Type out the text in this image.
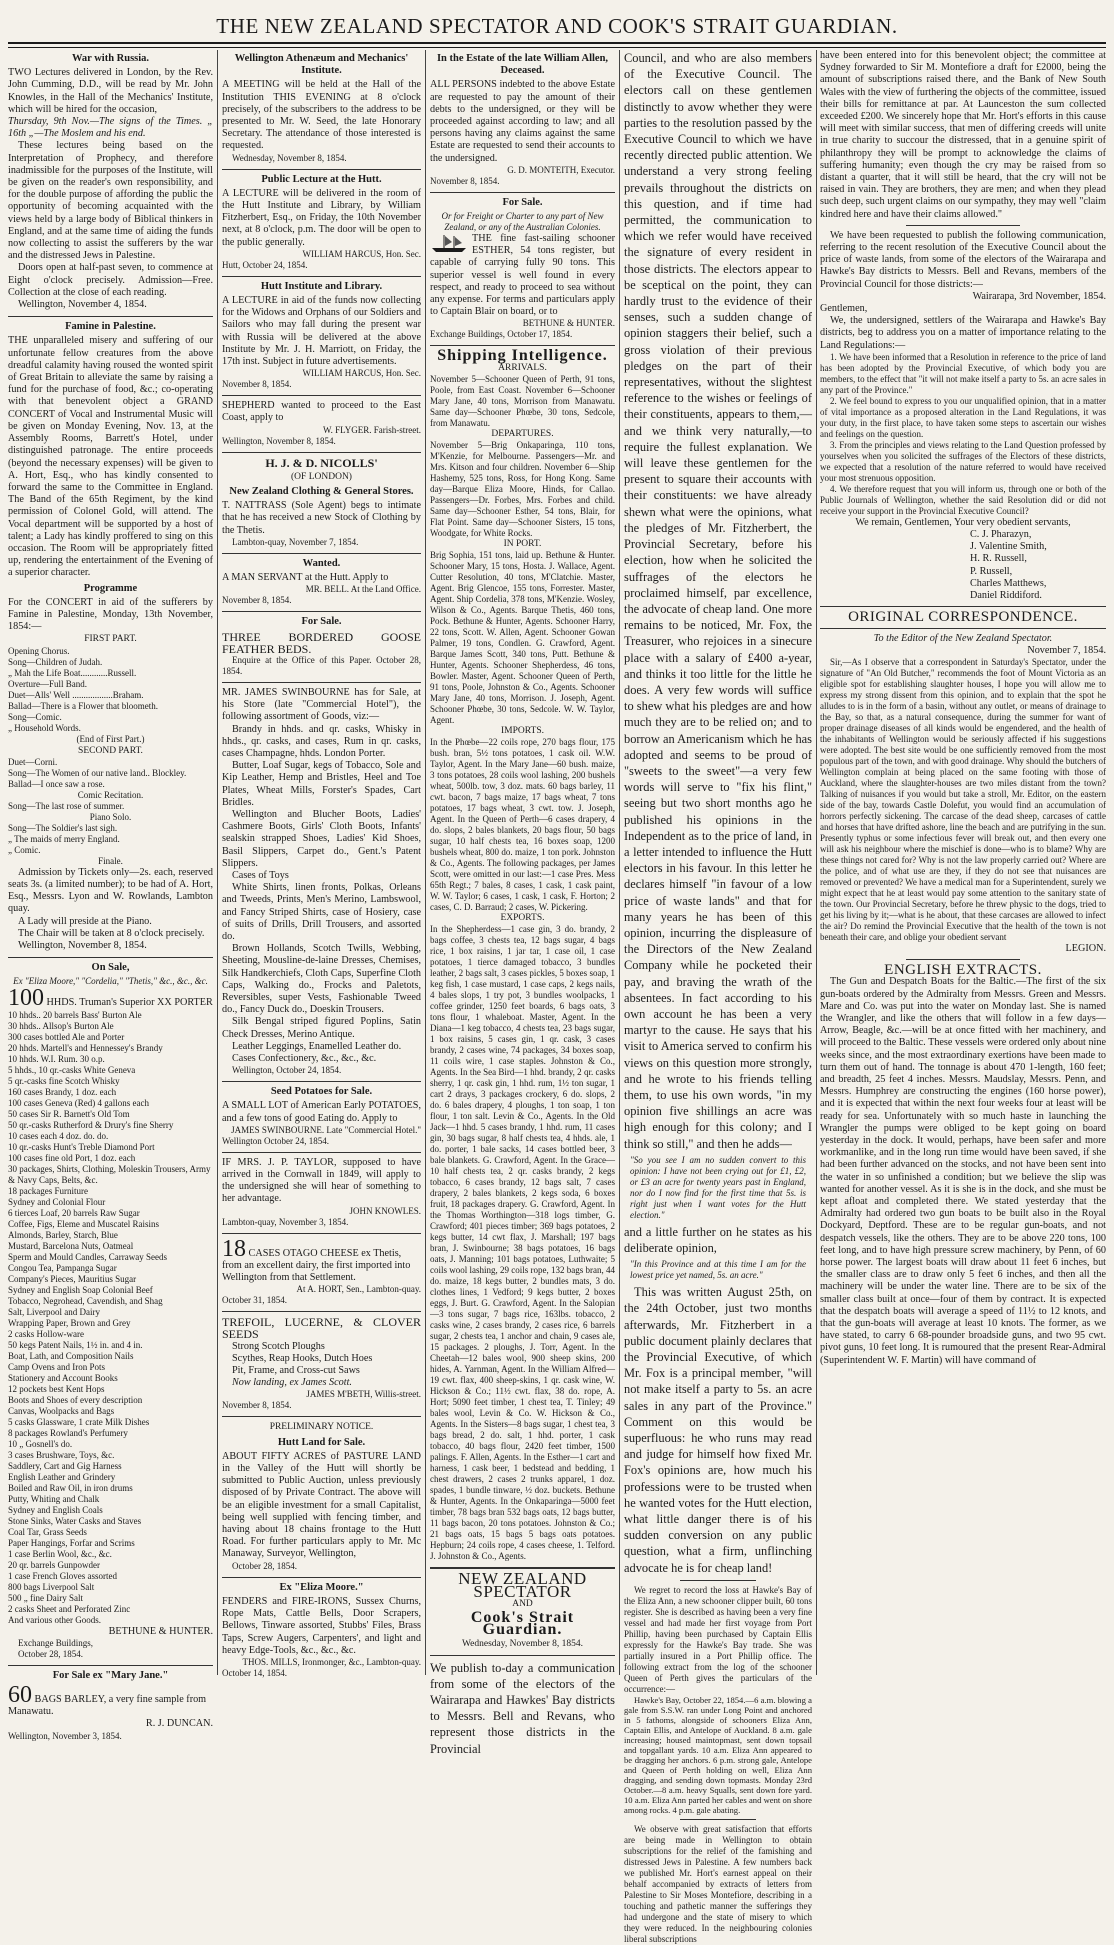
THE NEW ZEALAND SPECTATOR AND COOK'S STRAIT GUARDIAN.
War with Russia.

TWO Lectures delivered in London, by the Rev. John Cumming, D.D., will be read by Mr. John Knowles, in the Hall of the Mechanics' Institute, which will be hired for the occasion,

Thursday, 9th Nov.—The signs of the Times. „ 16th „—The Moslem and his end.

These lectures being based on the Interpretation of Prophecy, and therefore inadmissible for the purposes of the Institute, will be given on the reader's own responsibility, and for the double purpose of affording the public the opportunity of becoming acquainted with the views held by a large body of Biblical thinkers in England, and at the same time of aiding the funds now collecting to assist the sufferers by the war and the distressed Jews in Palestine.

Doors open at half-past seven, to commence at Eight o'clock precisely. Admission—Free. Collection at the close of each reading.

Wellington, November 4, 1854.

Famine in Palestine.

THE unparalleled misery and suffering of our unfortunate fellow creatures from the above dreadful calamity having roused the wonted spirit of Great Britain to alleviate the same by raising a fund for the purchase of food, &c.; co-operating with that benevolent object a GRAND CONCERT of Vocal and Instrumental Music will be given on Monday Evening, Nov. 13, at the Assembly Rooms, Barrett's Hotel, under distinguished patronage. The entire proceeds (beyond the necessary expenses) will be given to A. Hort, Esq., who has kindly consented to forward the same to the Committee in England. The Band of the 65th Regiment, by the kind permission of Colonel Gold, will attend. The Vocal department will be supported by a host of talent; a Lady has kindly proffered to sing on this occasion. The Room will be appropriately fitted up, rendering the entertainment of the Evening of a superior character.

Programme

For the CONCERT in aid of the sufferers by Famine in Palestine, Monday, 13th November, 1854:—

FIRST PART.
Opening Chorus.
Song—Children of Judah.
„ Mah the Life Boat............Russell.
Overture—Full Band.
Duet—Alls' Well ..................Braham.
Ballad—There is a Flower that bloometh.
Song—Comic.
„ Household Words.
(End of First Part.)
SECOND PART.
Duet—Corni.
Song—The Women of our native land.. Blockley.
Ballad—I once saw a rose.
Comic Recitation.
Song—The last rose of summer.
Piano Solo.
Song—The Soldier's last sigh.
„ The maids of merry England.
„ Comic.
Finale.

Admission by Tickets only—2s. each, reserved seats 3s. (a limited number); to be had of A. Hort, Esq., Messrs. Lyon and W. Rowlands, Lambton quay.

A Lady will preside at the Piano.

The Chair will be taken at 8 o'clock precisely.

Wellington, November 8, 1854.

On Sale,
Ex "Eliza Moore," "Cordelia," "Thetis," &c., &c., &c.
100 HHDS. Truman's Superior XX PORTER
10 hhds.. 20 barrels Bass' Burton Ale
30 hhds.. Allsop's Burton Ale
300 cases bottled Ale and Porter
20 hhds. Martell's and Hennessey's Brandy
10 hhds. W.I. Rum. 30 o.p.
5 hhds., 10 qr.-casks White Geneva
5 qr.-casks fine Scotch Whisky
160 cases Brandy, 1 doz. each
100 cases Geneva (Red) 4 gallons each
50 cases Sir R. Barnett's Old Tom
50 qr.-casks Rutherford & Drury's fine Sherry
10 cases each 4 doz. do. do.
10 qr.-casks Hunt's Treble Diamond Port
100 cases fine old Port, 1 doz. each
30 packages, Shirts, Clothing, Moleskin Trousers, Army & Navy Caps, Belts, &c.
18 packages Furniture
Sydney and Colonial Flour
6 tierces Loaf, 20 barrels Raw Sugar
Coffee, Figs, Eleme and Muscatel Raisins
Almonds, Barley, Starch, Blue
Mustard, Barcelona Nuts, Oatmeal
Sperm and Mould Candles, Carraway Seeds
Congou Tea, Pampanga Sugar
Company's Pieces, Mauritius Sugar
Sydney and English Soap Colonial Beef
Tobacco, Negrohead, Cavendish, and Shag
Salt, Liverpool and Dairy
Wrapping Paper, Brown and Grey
2 casks Hollow-ware
50 kegs Patent Nails, 1½ in. and 4 in.
Boat, Lath, and Composition Nails
Camp Ovens and Iron Pots
Stationery and Account Books
12 pockets best Kent Hops
Boots and Shoes of every description
Canvas, Woolpacks and Bags
5 casks Glassware, 1 crate Milk Dishes
8 packages Rowland's Perfumery
10 „ Gosnell's do.
3 cases Brushware, Toys, &c.
Saddlery, Cart and Gig Harness
English Leather and Grindery
Boiled and Raw Oil, in iron drums
Putty, Whiting and Chalk
Sydney and English Coals
Stone Sinks, Water Casks and Staves
Coal Tar, Grass Seeds
Paper Hangings, Forfar and Scrims
1 case Berlin Wool, &c., &c.
20 qr. barrels Gunpowder
1 case French Gloves assorted
800 bags Liverpool Salt
500 „ fine Dairy Salt
2 casks Sheet and Perforated Zinc
And various other Goods.

BETHUNE & HUNTER.

Exchange Buildings,

October 28, 1854.

For Sale ex "Mary Jane."
60 BAGS BARLEY, a very fine sample from Manawatu.

R. J. DUNCAN.

Wellington, November 3, 1854.

Wellington Athenæum and Mechanics' Institute.

A MEETING will be held at the Hall of the Institution THIS EVENING at 8 o'clock precisely, of the subscribers to the address to be presented to Mr. W. Seed, the late Honorary Secretary. The attendance of those interested is requested.

Wednesday, November 8, 1854.

Public Lecture at the Hutt.

A LECTURE will be delivered in the room of the Hutt Institute and Library, by William Fitzherbert, Esq., on Friday, the 10th November next, at 8 o'clock, p.m. The door will be open to the public generally.

WILLIAM HARCUS, Hon. Sec.

Hutt, October 24, 1854.

Hutt Institute and Library.

A LECTURE in aid of the funds now collecting for the Widows and Orphans of our Soldiers and Sailors who may fall during the present war with Russia will be delivered at the above Institute by Mr. J. H. Marriott, on Friday, the 17th inst. Subject in future advertisements.

WILLIAM HARCUS, Hon. Sec.

November 8, 1854.

SHEPHERD wanted to proceed to the East Coast, apply to

W. FLYGER. Farish-street.

Wellington, November 8, 1854.

H. J. & D. NICOLLS'
(OF LONDON)
New Zealand Clothing & General Stores.

T. NATTRASS (Sole Agent) begs to intimate that he has received a new Stock of Clothing by the Thetis.

Lambton-quay, November 7, 1854.

Wanted.

A MAN SERVANT at the Hutt. Apply to

MR. BELL. At the Land Office.

November 8, 1854.

For Sale.

THREE BORDERED GOOSE FEATHER BEDS.

Enquire at the Office of this Paper. October 28, 1854.

MR. JAMES SWINBOURNE has for Sale, at his Store (late "Commercial Hotel"), the following assortment of Goods, viz:—

Brandy in hhds. and qr. casks, Whisky in hhds., qr. casks, and cases, Rum in qr. casks, cases Champagne, hhds. London Porter.

Butter, Loaf Sugar, kegs of Tobacco, Sole and Kip Leather, Hemp and Bristles, Heel and Toe Plates, Wheat Mills, Forster's Spades, Cart Bridles.

Wellington and Blucher Boots, Ladies' Cashmere Boots, Girls' Cloth Boots, Infants' sealskin strapped Shoes, Ladies' Kid Shoes, Basil Slippers, Carpet do., Gent.'s Patent Slippers.

Cases of Toys

White Shirts, linen fronts, Polkas, Orleans and Tweeds, Prints, Men's Merino, Lambswool, and Fancy Striped Shirts, case of Hosiery, case of suits of Drills, Drill Trousers, and assorted do.

Brown Hollands, Scotch Twills, Webbing, Sheeting, Mousline-de-laine Dresses, Chemises, Silk Handkerchiefs, Cloth Caps, Superfine Cloth Caps, Walking do., Frocks and Paletots, Reversibles, super Vests, Fashionable Tweed do., Fancy Duck do., Doeskin Trousers.

Silk Bengal striped figured Poplins, Satin Check Dresses, Merino Antique.

Leather Leggings, Enamelled Leather do.

Cases Confectionery, &c., &c., &c.

Wellington, October 24, 1854.

Seed Potatoes for Sale.

A SMALL LOT of American Early POTATOES, and a few tons of good Eating do. Apply to

JAMES SWINBOURNE. Late "Commercial Hotel."

Wellington October 24, 1854.

IF MRS. J. P. TAYLOR, supposed to have arrived in the Cornwall in 1849, will apply to the undersigned she will hear of something to her advantage.

JOHN KNOWLES.

Lambton-quay, November 3, 1854.

18 CASES OTAGO CHEESE ex Thetis, from an excellent dairy, the first imported into Wellington from that Settlement.

At A. HORT, Sen., Lambton-quay.

October 31, 1854.

TREFOIL, LUCERNE, & CLOVER SEEDS

Strong Scotch Ploughs

Scythes, Reap Hooks, Dutch Hoes

Pit, Frame, and Cross-cut Saws

Now landing, ex James Scott.

JAMES M'BETH, Willis-street.

November 8, 1854.

PRELIMINARY NOTICE.
Hutt Land for Sale.

ABOUT FIFTY ACRES of PASTURE LAND in the Valley of the Hutt will shortly be submitted to Public Auction, unless previously disposed of by Private Contract. The above will be an eligible investment for a small Capitalist, being well supplied with fencing timber, and having about 18 chains frontage to the Hutt Road. For further particulars apply to Mr. Mc Manaway, Surveyor, Wellington,

October 28, 1854.

Ex "Eliza Moore."

FENDERS and FIRE-IRONS, Sussex Churns, Rope Mats, Cattle Bells, Door Scrapers, Bellows, Tinware assorted, Stubbs' Files, Brass Taps, Screw Augers, Carpenters', and light and heavy Edge-Tools, &c., &c., &c.

THOS. MILLS, Ironmonger, &c., Lambton-quay.

October 14, 1854.

In the Estate of the late William Allen, Deceased.

ALL PERSONS indebted to the above Estate are requested to pay the amount of their debts to the undersigned, or they will be proceeded against according to law; and all persons having any claims against the same Estate are requested to send their accounts to the undersigned.

G. D. MONTEITH, Executor.

November 8, 1854.

For Sale.
Or for Freight or Charter to any part of New Zealand, or any of the Australian Colonies.

THE fine fast-sailing schooner ESTHER, 54 tons register, but capable of carrying fully 90 tons. This superior vessel is well found in every respect, and ready to proceed to sea without any expense. For terms and particulars apply to Captain Blair on board, or to

BETHUNE & HUNTER.

Exchange Buildings, October 17, 1854.

Shipping Intelligence.
ARRIVALS.

November 5—Schooner Queen of Perth, 91 tons, Poole, from East Coast. November 6—Schooner Mary Jane, 40 tons, Morrison from Manawatu. Same day—Schooner Phœbe, 30 tons, Sedcole, from Manawatu.

DEPARTURES.

November 5—Brig Onkaparinga, 110 tons, M'Kenzie, for Melbourne. Passengers—Mr. and Mrs. Kitson and four children. November 6—Ship Hashemy, 525 tons, Ross, for Hong Kong. Same day—Barque Eliza Moore, Hinds, for Callao. Passengers—Dr. Forbes, Mrs. Forbes and child. Same day—Schooner Esther, 54 tons, Blair, for Flat Point. Same day—Schooner Sisters, 15 tons, Woodgate, for White Rocks.

IN PORT.

Brig Sophia, 151 tons, laid up. Bethune & Hunter. Schooner Mary, 15 tons, Hosta. J. Wallace, Agent. Cutter Resolution, 40 tons, M'Clatchie. Master, Agent. Brig Glencoe, 155 tons, Forrester. Master, Agent. Ship Cordelia, 378 tons, M'Kenzie. Wosley, Wilson & Co., Agents. Barque Thetis, 460 tons, Pock. Bethune & Hunter, Agents. Schooner Harry, 22 tons, Scott. W. Allen, Agent. Schooner Gowan Palmer, 19 tons, Condlen. G. Crawford, Agent. Barque James Scott, 340 tons, Putt. Bethune & Hunter, Agents. Schooner Shepherdess, 46 tons, Bowler. Master, Agent. Schooner Queen of Perth, 91 tons, Poole, Johnston & Co., Agents. Schooner Mary Jane, 40 tons, Morrison. J. Joseph, Agent. Schooner Phœbe, 30 tons, Sedcole. W. W. Taylor, Agent.

IMPORTS.

In the Phœbe—22 coils rope, 270 bags flour, 175 bush. bran, 5½ tons potatoes, 1 cask oil. W.W. Taylor, Agent. In the Mary Jane—60 bush. maize, 3 tons potatoes, 28 coils wool lashing, 200 bushels wheat, 500lb. tow, 3 doz. mats. 60 bags barley, 11 cwt. bacon, 7 bags maize, 17 bags wheat, 7 tons potatoes, 17 bags wheat, 3 cwt. tow. J. Joseph, Agent. In the Queen of Perth—6 cases drapery, 4 do. slops, 2 bales blankets, 20 bags flour, 50 bags sugar, 10 half chests tea, 16 boxes soap, 1200 bushels wheat, 800 do. maize, 1 ton pork. Johnston & Co., Agents. The following packages, per James Scott, were omitted in our last:—1 case Pres. Mess 65th Regt.; 7 bales, 8 cases, 1 cask, 1 cask paint, W. W. Taylor; 6 cases, 1 cask, 1 cask, F. Horton; 2 cases, C. D. Barraud; 2 cases, W. Pickering.

EXPORTS.

In the Shepherdess—1 case gin, 3 do. brandy, 2 bags coffee, 3 chests tea, 12 bags sugar, 4 bags rice, 1 box raisins, 1 jar tar, 1 case oil, 1 case potatoes, 1 tierce damaged tobacco, 3 bundles leather, 2 bags salt, 3 cases pickles, 5 boxes soap, 1 keg fish, 1 case mustard, 1 case caps, 2 kegs nails, 4 bales slops, 1 try pot, 3 bundles woolpacks, 1 coffee grinder, 1250 feet boards, 6 bags oats, 3 tons flour, 1 whaleboat. Master, Agent. In the Diana—1 keg tobacco, 4 chests tea, 23 bags sugar, 1 box raisins, 5 cases gin, 1 qr. cask, 3 cases brandy, 2 cases wine, 74 packages, 34 boxes soap, 11 coils wire, 1 case staples. Johnston & Co., Agents. In the Sea Bird—1 hhd. brandy, 2 qr. casks sherry, 1 qr. cask gin, 1 hhd. rum, 1½ ton sugar, 1 cart 2 drays, 3 packages crockery, 6 do. slops, 2 do. 6 bales drapery, 4 ploughs, 1 ton soap, 1 ton flour, 1 ton salt. Levin & Co., Agents. In the Old Jack—1 hhd. 5 cases brandy, 1 hhd. rum, 11 cases gin, 30 bags sugar, 8 half chests tea, 4 hhds. ale, 1 do. porter, 1 bale sacks, 14 cases bottled beer, 3 bale blankets. G. Crawford, Agent. In the Grace—10 half chests tea, 2 qr. casks brandy, 2 kegs tobacco, 6 cases brandy, 12 bags salt, 7 cases drapery, 2 bales blankets, 2 kegs soda, 6 boxes fruit, 18 packages drapery. G. Crawford, Agent. In the Thomas Worthington—318 logs timber, G. Crawford; 401 pieces timber; 369 bags potatoes, 2 kegs butter, 14 cwt flax, J. Marshall; 197 bags bran, J. Swinbourne; 38 bags potatoes, 16 bags oats, J. Manning; 101 bags potatoes, Luthwaite; 5 coils wool lashing, 29 coils rope, 132 bags bran, 44 do. maize, 18 kegs butter, 2 bundles mats, 3 do. clothes lines, 1 Vedford; 9 kegs butter, 2 boxes eggs, J. Burt. G. Crawford, Agent. In the Salopian—3 tons sugar, 7 bags rice, 163lbs. tobacco, 2 casks wine, 2 cases brandy, 2 cases rice, 6 barrels sugar, 2 chests tea, 1 anchor and chain, 9 cases ale, 15 packages. 2 ploughs, J. Torr, Agent. In the Cheetah—12 bales wool, 900 sheep skins, 200 hides, A. Yarnman, Agent. In the William Alfred—19 cwt. flax, 400 sheep-skins, 1 qr. cask wine, W. Hickson & Co.; 11½ cwt. flax, 38 do. rope, A. Hort; 5090 feet timber, 1 chest tea, T. Tinley; 49 bales wool, Levin & Co. W. Hickson & Co., Agents. In the Sisters—8 bags sugar, 1 chest tea, 3 bags bread, 2 do. salt, 1 hhd. porter, 1 cask tobacco, 40 bags flour, 2420 feet timber, 1500 palings. F. Allen, Agents. In the Esther—1 cart and harness, 1 cask beer, 1 bedstead and bedding, 1 chest drawers, 2 cases 2 trunks apparel, 1 doz. spades, 1 bundle tinware, ½ doz. buckets. Bethune & Hunter, Agents. In the Onkaparinga—5000 feet timber, 78 bags bran 532 bags oats, 12 bags butter, 11 bags bacon, 20 tons potatoes. Johnston & Co.; 21 bags oats, 15 bags 5 bags oats potatoes. Hepburn; 24 coils rope, 4 cases cheese, 1. Telford. J. Johnston & Co., Agents.

NEW ZEALAND SPECTATOR
AND
Cook's Strait Guardian.
Wednesday, November 8, 1854.

We publish to-day a communication from some of the electors of the Wairarapa and Hawkes' Bay districts to Messrs. Bell and Revans, who represent those districts in the Provincial

Council, and who are also members of the Executive Council. The electors call on these gentlemen distinctly to avow whether they were parties to the resolution passed by the Executive Council to which we have recently directed public attention. We understand a very strong feeling prevails throughout the districts on this question, and if time had permitted, the communication to which we refer would have received the signature of every resident in those districts. The electors appear to be sceptical on the point, they can hardly trust to the evidence of their senses, such a sudden change of opinion staggers their belief, such a gross violation of their previous pledges on the part of their representatives, without the slightest reference to the wishes or feelings of their constituents, appears to them,—and we think very naturally,—to require the fullest explanation. We will leave these gentlemen for the present to square their accounts with their constituents: we have already shewn what were the opinions, what the pledges of Mr. Fitzherbert, the Provincial Secretary, before his election, how when he solicited the suffrages of the electors he proclaimed himself, par excellence, the advocate of cheap land. One more remains to be noticed, Mr. Fox, the Treasurer, who rejoices in a sinecure place with a salary of £400 a-year, and thinks it too little for the little he does. A very few words will suffice to shew what his pledges are and how much they are to be relied on; and to borrow an Americanism which he has adopted and seems to be proud of "sweets to the sweet"—a very few words will serve to "fix his flint," seeing but two short months ago he published his opinions in the Independent as to the price of land, in a letter intended to influence the Hutt electors in his favour. In this letter he declares himself "in favour of a low price of waste lands" and that for many years he has been of this opinion, incurring the displeasure of the Directors of the New Zealand Company while he pocketed their pay, and braving the wrath of the absentees. In fact according to his own account he has been a very martyr to the cause. He says that his visit to America served to confirm his views on this question more strongly, and he wrote to his friends telling them, to use his own words, "in my opinion five shillings an acre was high enough for this colony; and I think so still," and then he adds—

"So you see I am no sudden convert to this opinion: I have not been crying out for £1, £2, or £3 an acre for twenty years past in England, nor do I now find for the first time that 5s. is right just when I want votes for the Hutt election."

and a little further on he states as his deliberate opinion,

"In this Province and at this time I am for the lowest price yet named, 5s. an acre."

This was written August 25th, on the 24th October, just two months afterwards, Mr. Fitzherbert in a public document plainly declares that the Provincial Executive, of which Mr. Fox is a principal member, "will not make itself a party to 5s. an acre sales in any part of the Province." Comment on this would be superfluous: he who runs may read and judge for himself how fixed Mr. Fox's opinions are, how much his professions were to be trusted when he wanted votes for the Hutt election, what little danger there is of his sudden conversion on any public question, what a firm, unflinching advocate he is for cheap land!

We regret to record the loss at Hawke's Bay of the Eliza Ann, a new schooner clipper built, 60 tons register. She is described as having been a very fine vessel and had made her first voyage from Port Phillip, having been purchased by Captain Ellis expressly for the Hawke's Bay trade. She was partially insured in a Port Phillip office. The following extract from the log of the schooner Queen of Perth gives the particulars of the occurrence:—

Hawke's Bay, October 22, 1854.—6 a.m. blowing a gale from S.S.W. ran under Long Point and anchored in 5 fathoms, alongside of schooners Eliza Ann, Captain Ellis, and Antelope of Auckland. 8 a.m. gale increasing; housed maintopmast, sent down topsail and topgallant yards. 10 a.m. Eliza Ann appeared to be dragging her anchors. 6 p.m. strong gale, Antelope and Queen of Perth holding on well, Eliza Ann dragging, and sending down topmasts. Monday 23rd October.—8 a.m. heavy Squalls, sent down fore yard. 10 a.m. Eliza Ann parted her cables and went on shore among rocks. 4 p.m. gale abating.

We observe with great satisfaction that efforts are being made in Wellington to obtain subscriptions for the relief of the famishing and distressed Jews in Palestine. A few numbers back we published Mr. Hort's earnest appeal on their behalf accompanied by extracts of letters from Palestine to Sir Moses Montefiore, describing in a touching and pathetic manner the sufferings they had undergone and the state of misery to which they were reduced. In the neighbouring colonies liberal subscriptions

have been entered into for this benevolent object; the committee at Sydney forwarded to Sir M. Montefiore a draft for £2000, being the amount of subscriptions raised there, and the Bank of New South Wales with the view of furthering the objects of the committee, issued their bills for remittance at par. At Launceston the sum collected exceeded £200. We sincerely hope that Mr. Hort's efforts in this cause will meet with similar success, that men of differing creeds will unite in true charity to succour the distressed, that in a genuine spirit of philanthropy they will be prompt to acknowledge the claims of suffering humanity; even though the cry may be raised from so distant a quarter, that it will still be heard, that the cry will not be raised in vain. They are brothers, they are men; and when they plead such deep, such urgent claims on our sympathy, they may well "claim kindred here and have their claims allowed."

We have been requested to publish the following communication, referring to the recent resolution of the Executive Council about the price of waste lands, from some of the electors of the Wairarapa and Hawke's Bay districts to Messrs. Bell and Revans, members of the Provincial Council for those districts:—

Wairarapa, 3rd November, 1854.

Gentlemen,

We, the undersigned, settlers of the Wairarapa and Hawke's Bay districts, beg to address you on a matter of importance relating to the Land Regulations:—

1. We have been informed that a Resolution in reference to the price of land has been adopted by the Provincial Executive, of which body you are members, to the effect that "it will not make itself a party to 5s. an acre sales in any part of the Province."

2. We feel bound to express to you our unqualified opinion, that in a matter of vital importance as a proposed alteration in the Land Regulations, it was your duty, in the first place, to have taken some steps to ascertain our wishes and feelings on the question.

3. From the principles and views relating to the Land Question professed by yourselves when you solicited the suffrages of the Electors of these districts, we expected that a resolution of the nature referred to would have received your most strenuous opposition.

4. We therefore request that you will inform us, through one or both of the Public Journals of Wellington, whether the said Resolution did or did not receive your support in the Provincial Executive Council?

We remain, Gentlemen, Your very obedient servants,

C. J. Pharazyn,
J. Valentine Smith,
H. R. Russell,
P. Russell,
Charles Matthews,
Daniel Riddiford.
ORIGINAL CORRESPONDENCE.
To the Editor of the New Zealand Spectator.

November 7, 1854.

Sir,—As I observe that a correspondent in Saturday's Spectator, under the signature of "An Old Butcher," recommends the foot of Mount Victoria as an eligible spot for establishing slaughter houses, I hope you will allow me to express my strong dissent from this opinion, and to explain that the spot he alludes to is in the form of a basin, without any outlet, or means of drainage to the Bay, so that, as a natural consequence, during the summer for want of proper drainage diseases of all kinds would be engendered, and the health of the inhabitants of Wellington would be seriously affected if his suggestions were adopted. The best site would be one sufficiently removed from the most populous part of the town, and with good drainage. Why should the butchers of Wellington complain at being placed on the same footing with those of Auckland, where the slaughter-houses are two miles distant from the town? Talking of nuisances if you would but take a stroll, Mr. Editor, on the eastern side of the bay, towards Castle Dolefut, you would find an accumulation of horrors perfectly sickening. The carcase of the dead sheep, carcases of cattle and horses that have drifted ashore, line the beach and are putrifying in the sun. Presently typhus or some infectious fever will break out, and then every one will ask his neighbour where the mischief is done—who is to blame? Why are these things not cared for? Why is not the law properly carried out? Where are the police, and of what use are they, if they do not see that nuisances are removed or prevented? We have a medical man for a Superintendent, surely we might expect that he at least would pay some attention to the sanitary state of the town. Our Provincial Secretary, before he threw physic to the dogs, tried to get his living by it;—what is he about, that these carcases are allowed to infect the air? Do remind the Provincial Executive that the health of the town is not beneath their care, and oblige your obedient servant

LEGION.

ENGLISH EXTRACTS.

The Gun and Despatch Boats for the Baltic.—The first of the six gun-boats ordered by the Admiralty from Messrs. Green and Messrs. Mare and Co. was put into the water on Monday last. She is named the Wrangler, and like the others that will follow in a few days—Arrow, Beagle, &c.—will be at once fitted with her machinery, and will proceed to the Baltic. These vessels were ordered only about nine weeks since, and the most extraordinary exertions have been made to turn them out of hand. The tonnage is about 470 1-length, 160 feet; and breadth, 25 feet 4 inches. Messrs. Maudslay, Messrs. Penn, and Messrs. Humphrey are constructing the engines (160 horse power), and it is expected that within the next four weeks four at least will be ready for sea. Unfortunately with so much haste in launching the Wrangler the pumps were obliged to be kept going on board yesterday in the dock. It would, perhaps, have been safer and more workmanlike, and in the long run time would have been saved, if she had been further advanced on the stocks, and not have been sent into the water in so unfinished a condition; but we believe the slip was wanted for another vessel. As it is she is in the dock, and she must be kept afloat and completed there. We stated yesterday that the Admiralty had ordered two gun boats to be built also in the Royal Dockyard, Deptford. These are to be regular gun-boats, and not despatch vessels, like the others. They are to be above 220 tons, 100 feet long, and to have high pressure screw machinery, by Penn, of 60 horse power. The largest boats will draw about 11 feet 6 inches, but the smaller class are to draw only 5 feet 6 inches, and then all the machinery will be under the water line. There are to be six of the smaller class built at once—four of them by contract. It is expected that the despatch boats will average a speed of 11½ to 12 knots, and that the gun-boats will average at least 10 knots. The former, as we have stated, to carry 6 68-pounder broadside guns, and two 95 cwt. pivot guns, 10 feet long. It is rumoured that the present Rear-Admiral (Superintendent W. F. Martin) will have command of
